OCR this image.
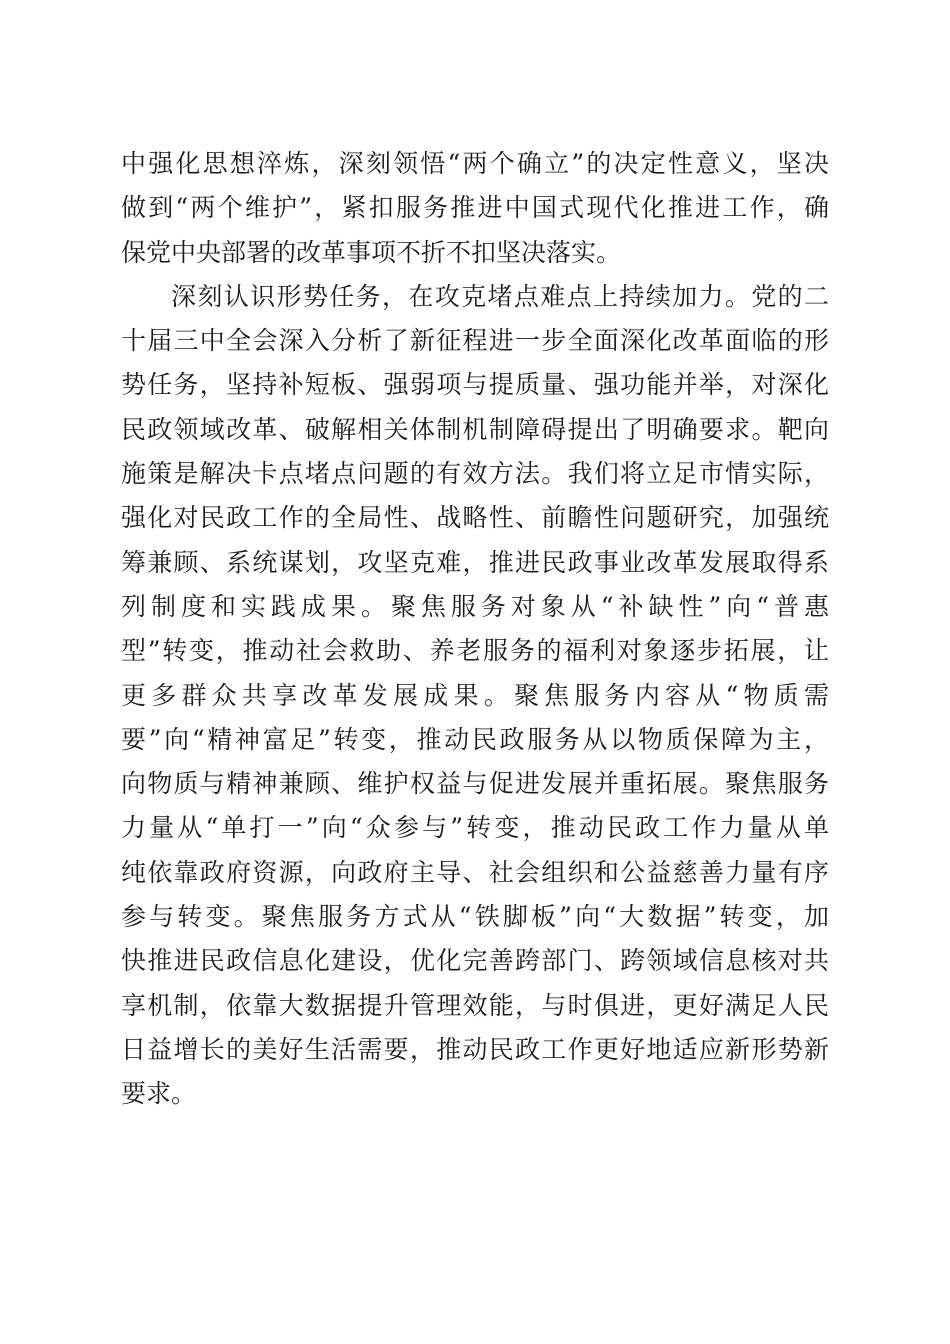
中强化思想淬炼，深刻领悟“两个确立”的决定性意义，坚决
做到“两个维护”，紧扣服务推进中国式现代化推进工作，确
保党中央部署的改革事项不折不扣坚决落实。
深刻认识形势任务，在攻克堵点难点上持续加力。党的二
十届三中全会深入分析了新征程进一步全面深化改革面临的形
势任务，坚持补短板、强弱项与提质量、强功能并举，对深化
民政领域改革、破解相关体制机制障碍提出了明确要求。靶向
施策是解决卡点堵点问题的有效方法。我们将立足市情实际，
强化对民政工作的全局性、战略性、前瞻性问题研究，加强统
筹兼顾、系统谋划，攻坚克难，推进民政事业改革发展取得系
列制度和实践成果。聚焦服务对象从“补缺性”向“普惠
型”转变，推动社会救助、养老服务的福利对象逐步拓展，让
更多群众共享改革发展成果。聚焦服务内容从“物质需
要”向“精神富足”转变，推动民政服务从以物质保障为主，
向物质与精神兼顾、维护权益与促进发展并重拓展。聚焦服务
力量从“单打一”向“众参与”转变，推动民政工作力量从单
纯依靠政府资源，向政府主导、社会组织和公益慈善力量有序
参与转变。聚焦服务方式从“铁脚板”向“大数据”转变，加
快推进民政信息化建设，优化完善跨部门、跨领域信息核对共
享机制，依靠大数据提升管理效能，与时俱进，更好满足人民
日益增长的美好生活需要，推动民政工作更好地适应新形势新
要求。
